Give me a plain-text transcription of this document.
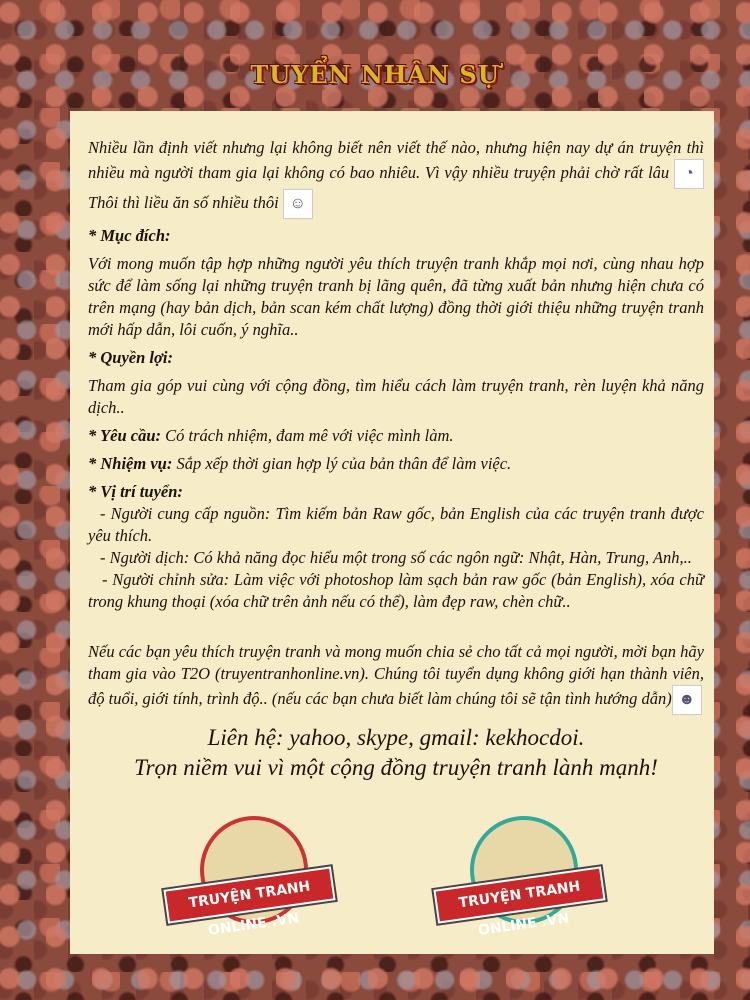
TUYỂN NHÂN SỰ

Nhiều lần định viết nhưng lại không biết nên viết thế nào, nhưng hiện nay dự án truyện thì nhiều mà người tham gia lại không có bao nhiêu. Vì vậy nhiều truyện phải chờ rất lâu ◔ Thôi thì liều ăn số nhiều thôi ☺

* Mục đích:

Với mong muốn tập hợp những người yêu thích truyện tranh khắp mọi nơi, cùng nhau hợp sức để làm sống lại những truyện tranh bị lãng quên, đã từng xuất bản nhưng hiện chưa có trên mạng (hay bản dịch, bản scan kém chất lượng) đồng thời giới thiệu những truyện tranh mới hấp dẫn, lôi cuốn, ý nghĩa..

* Quyền lợi:

Tham gia góp vui cùng với cộng đồng, tìm hiểu cách làm truyện tranh, rèn luyện khả năng dịch..

* Yêu cầu: Có trách nhiệm, đam mê với việc mình làm.

* Nhiệm vụ: Sắp xếp thời gian hợp lý của bản thân để làm việc.

* Vị trí tuyển:

- Người cung cấp nguồn: Tìm kiếm bản Raw gốc, bản English của các truyện tranh được yêu thích.
- Người dịch: Có khả năng đọc hiểu một trong số các ngôn ngữ: Nhật, Hàn, Trung, Anh,..
- Người chỉnh sửa: Làm việc với photoshop làm sạch bản raw gốc (bản English), xóa chữ trong khung thoại (xóa chữ trên ảnh nếu có thể), làm đẹp raw, chèn chữ..

Nếu các bạn yêu thích truyện tranh và mong muốn chia sẻ cho tất cả mọi người, mời bạn hãy tham gia vào T2O (truyentranhonline.vn). Chúng tôi tuyển dụng không giới hạn thành viên, độ tuổi, giới tính, trình độ.. (nếu các bạn chưa biết làm chúng tôi sẽ tận tình hướng dẫn) ☻

Liên hệ: yahoo, skype, gmail: kekhocdoi.
Trọn niềm vui vì một cộng đồng truyện tranh lành mạnh!
TRUYỆN TRANH ONLINE .VN
TRUYỆN TRANH ONLINE .VN
